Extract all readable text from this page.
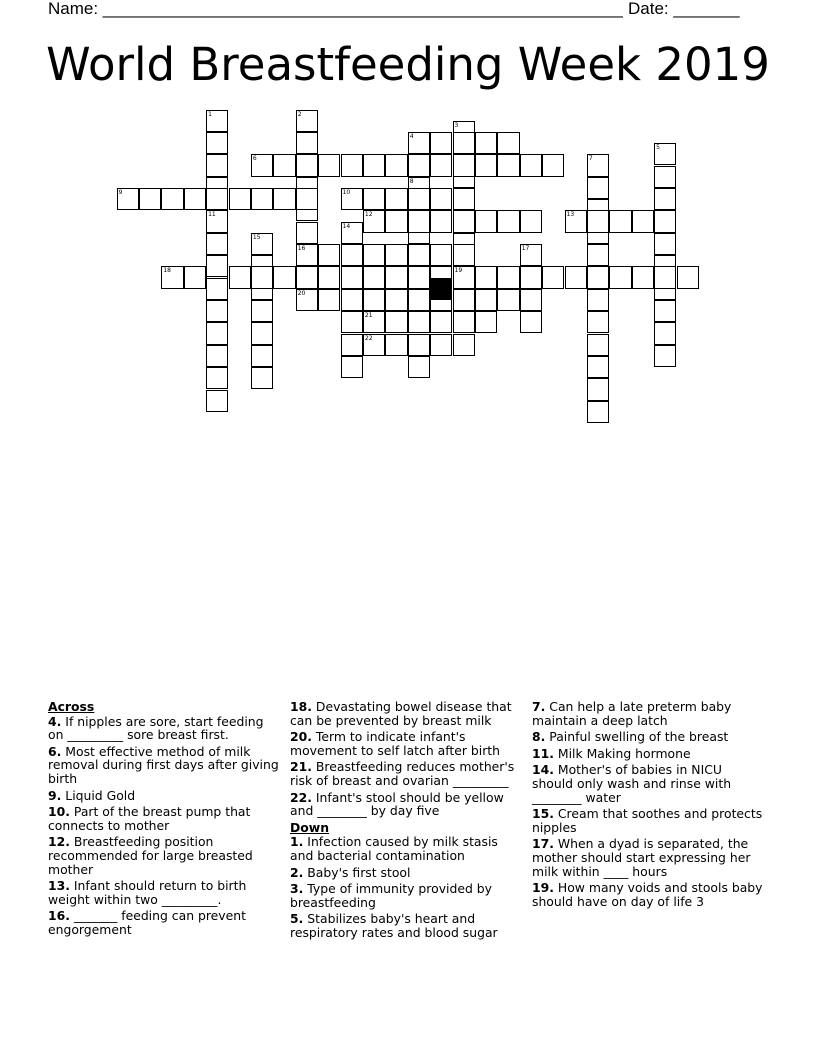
Name: _______________________________________________________ Date: _______
World Breastfeeding Week 2019
1	2
3
4
5
6	7
8
9	10
11	12	13
14
15
16	17
18	19
20
21
22
Across
4. If nipples are sore, start feeding on _________ sore breast first.
6. Most effective method of milk removal during first days after giving birth
9. Liquid Gold
10. Part of the breast pump that connects to mother
12. Breastfeeding position recommended for large breasted mother
13. Infant should return to birth weight within two _________.
16. _______ feeding can prevent engorgement
18. Devastating bowel disease that can be prevented by breast milk
20. Term to indicate infant's movement to self latch after birth
21. Breastfeeding reduces mother's risk of breast and ovarian _________
22. Infant's stool should be yellow and ________ by day five
Down
1. Infection caused by milk stasis and bacterial contamination
2. Baby's first stool
3. Type of immunity provided by breastfeeding
5. Stabilizes baby's heart and respiratory rates and blood sugar
7. Can help a late preterm baby maintain a deep latch
8. Painful swelling of the breast
11. Milk Making hormone
14. Mother's of babies in NICU should only wash and rinse with ________ water
15. Cream that soothes and protects nipples
17. When a dyad is separated, the mother should start expressing her milk within ____ hours
19. How many voids and stools baby should have on day of life 3
